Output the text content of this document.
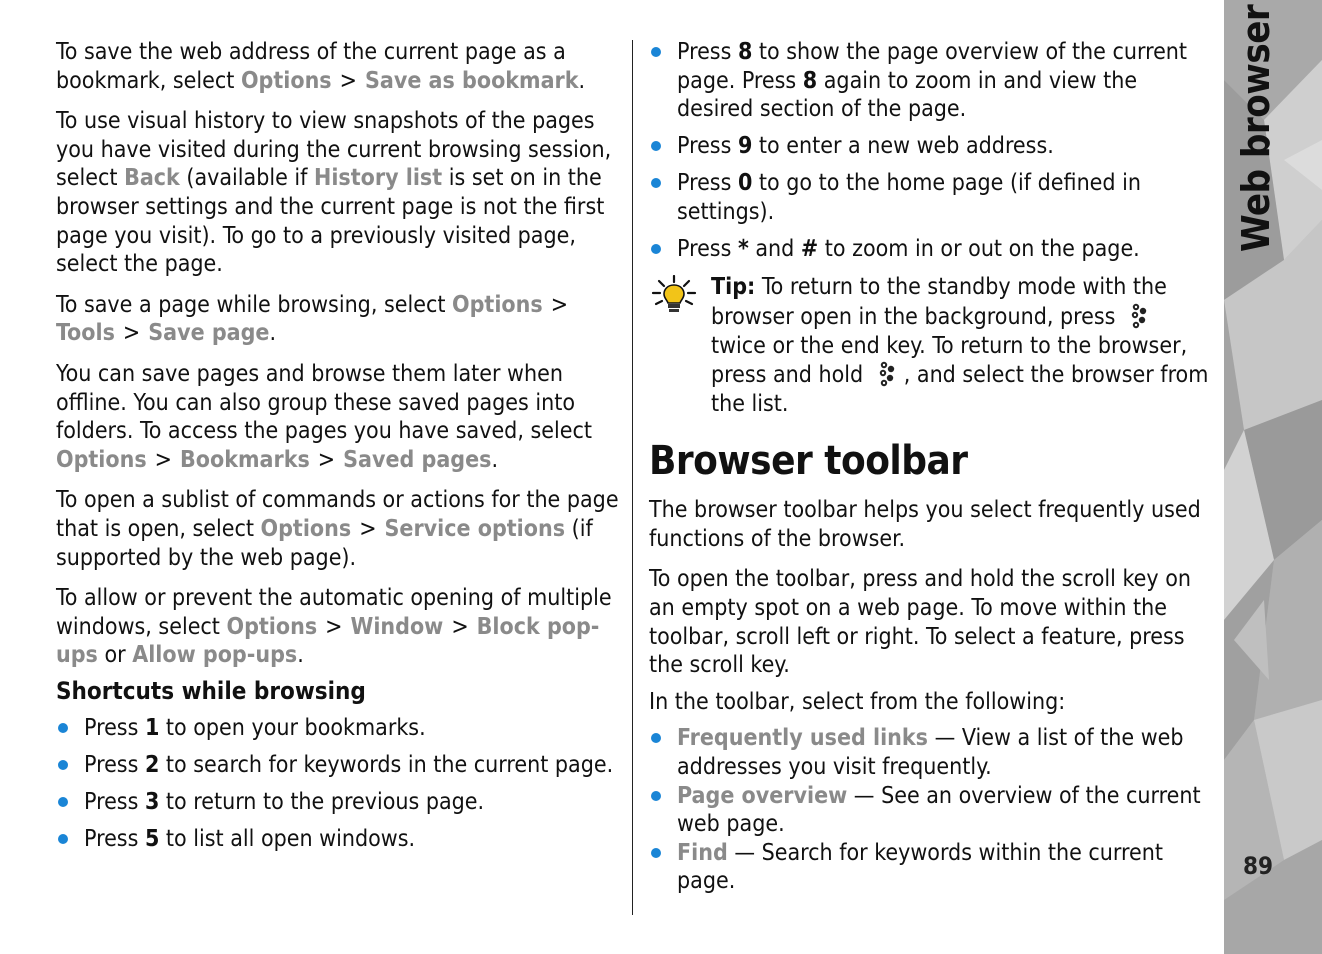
To save the web address of the current page as a bookmark, select Options > Save as bookmark.

To use visual history to view snapshots of the pages you have visited during the current browsing session, select Back (available if History list is set on in the browser settings and the current page is not the first page you visit). To go to a previously visited page, select the page.

To save a page while browsing, select Options >
Tools > Save page.

You can save pages and browse them later when offline. You can also group these saved pages into folders. To access the pages you have saved, select Options > Bookmarks > Saved pages.

To open a sublist of commands or actions for the page that is open, select Options > Service options (if supported by the web page).

To allow or prevent the automatic opening of multiple windows, select Options > Window > Block pop-ups or Allow pop-ups.

Shortcuts while browsing
Press 1 to open your bookmarks.
Press 2 to search for keywords in the current page.
Press 3 to return to the previous page.
Press 5 to list all open windows.
Press 8 to show the page overview of the current page. Press 8 again to zoom in and view the desired section of the page.
Press 9 to enter a new web address.
Press 0 to go to the home page (if defined in settings).
Press * and # to zoom in or out on the page.
Tip: To return to the standby mode with the browser open in the background, press  twice or the end key. To return to the browser, press and hold , and select the browser from the list.
Browser toolbar

The browser toolbar helps you select frequently used functions of the browser.

To open the toolbar, press and hold the scroll key on an empty spot on a web page. To move within the toolbar, scroll left or right. To select a feature, press the scroll key.

In the toolbar, select from the following:

Frequently used links — View a list of the web addresses you visit frequently.
Page overview — See an overview of the current web page.
Find — Search for keywords within the current page.
Web browser
89
